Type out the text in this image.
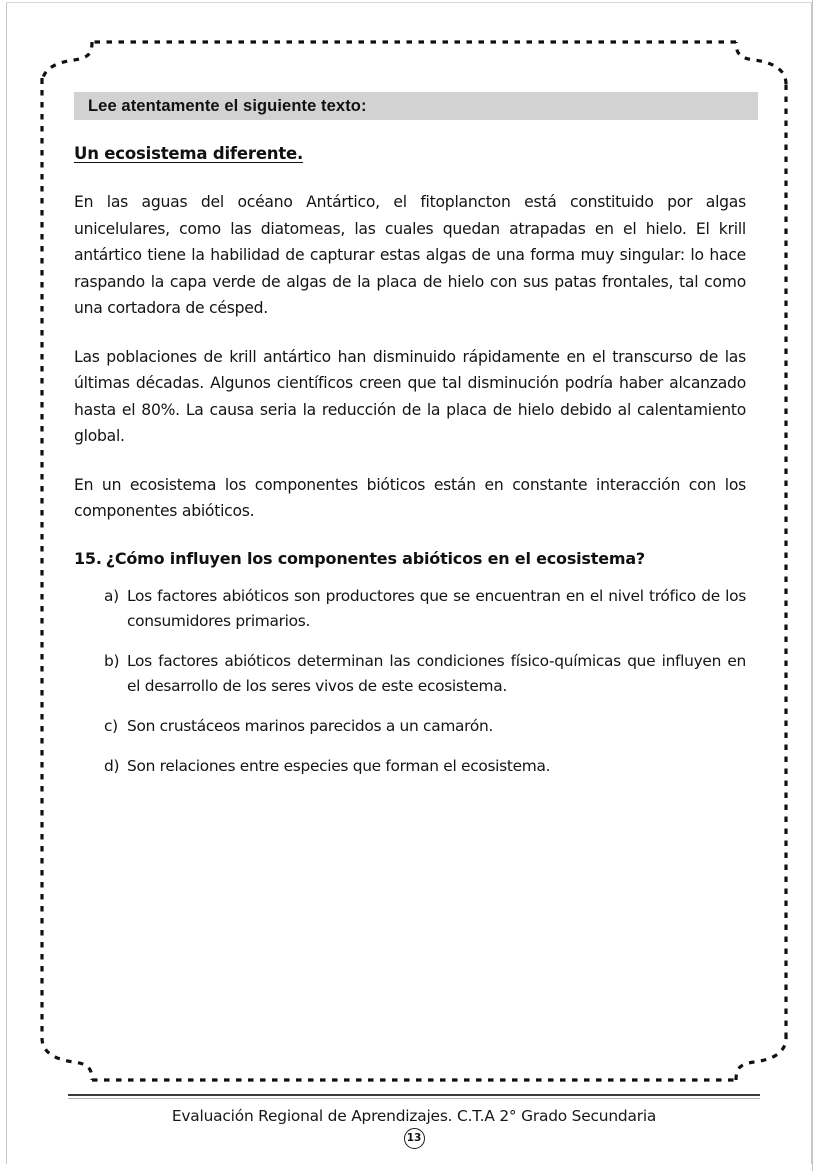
Lee atentamente el siguiente texto:
Un ecosistema diferente.

En las aguas del océano Antártico, el fitoplancton está constituido por algas unicelulares, como las diatomeas, las cuales quedan atrapadas en el hielo. El krill antártico tiene la habilidad de capturar estas algas de una forma muy singular: lo hace raspando la capa verde de algas de la placa de hielo con sus patas frontales, tal como una cortadora de césped.

Las poblaciones de krill antártico han disminuido rápidamente en el transcurso de las últimas décadas. Algunos científicos creen que tal disminución podría haber alcanzado hasta el 80%. La causa seria la reducción de la placa de hielo debido al calentamiento global.

En un ecosistema los componentes bióticos están en constante interacción con los componentes abióticos.

15. ¿Cómo influyen los componentes abióticos en el ecosistema?
a) Los factores abióticos son productores que se encuentran en el nivel trófico de los consumidores primarios.
b) Los factores abióticos determinan las condiciones físico-químicas que influyen en el desarrollo de los seres vivos de este ecosistema.
c) Son crustáceos marinos parecidos a un camarón.
d) Son relaciones entre especies que forman el ecosistema.
Evaluación Regional de Aprendizajes. C.T.A 2° Grado Secundaria
13
